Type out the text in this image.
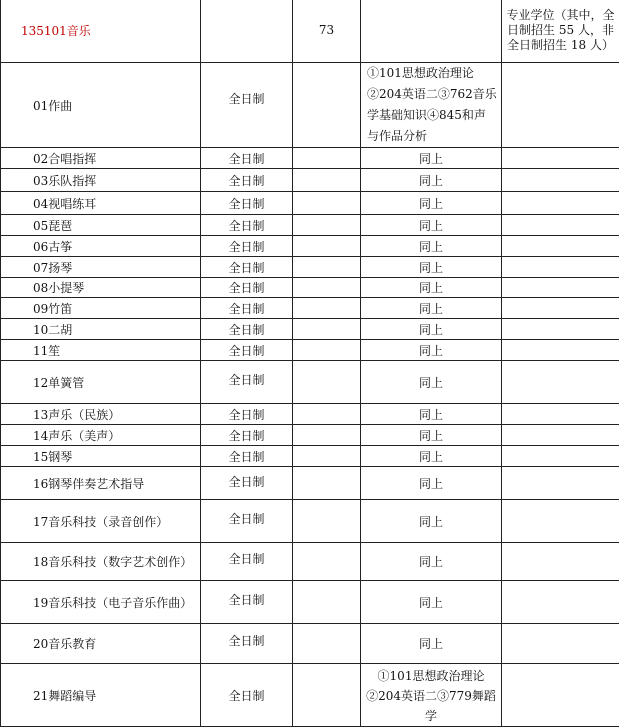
135101音乐		73		专业学位（其中，全日制招生 55 人，非全日制招生 18 人）
01作曲	全日制		①101思想政治理论②204英语二③762音乐学基础知识④845和声与作品分析	
02合唱指挥	全日制		同上	
03乐队指挥	全日制		同上	
04视唱练耳	全日制		同上	
05琵琶	全日制		同上	
06古筝	全日制		同上	
07扬琴	全日制		同上	
08小提琴	全日制		同上	
09竹笛	全日制		同上	
10二胡	全日制		同上	
11笙	全日制		同上	
12单簧管	全日制		同上	
13声乐（民族）	全日制		同上	
14声乐（美声）	全日制		同上	
15钢琴	全日制		同上	
16钢琴伴奏艺术指导	全日制		同上	
17音乐科技（录音创作）	全日制		同上	
18音乐科技（数字艺术创作）	全日制		同上	
19音乐科技（电子音乐作曲）	全日制		同上	
20音乐教育	全日制		同上	
21舞蹈编导	全日制		①101思想政治理论②204英语二③779舞蹈学	
